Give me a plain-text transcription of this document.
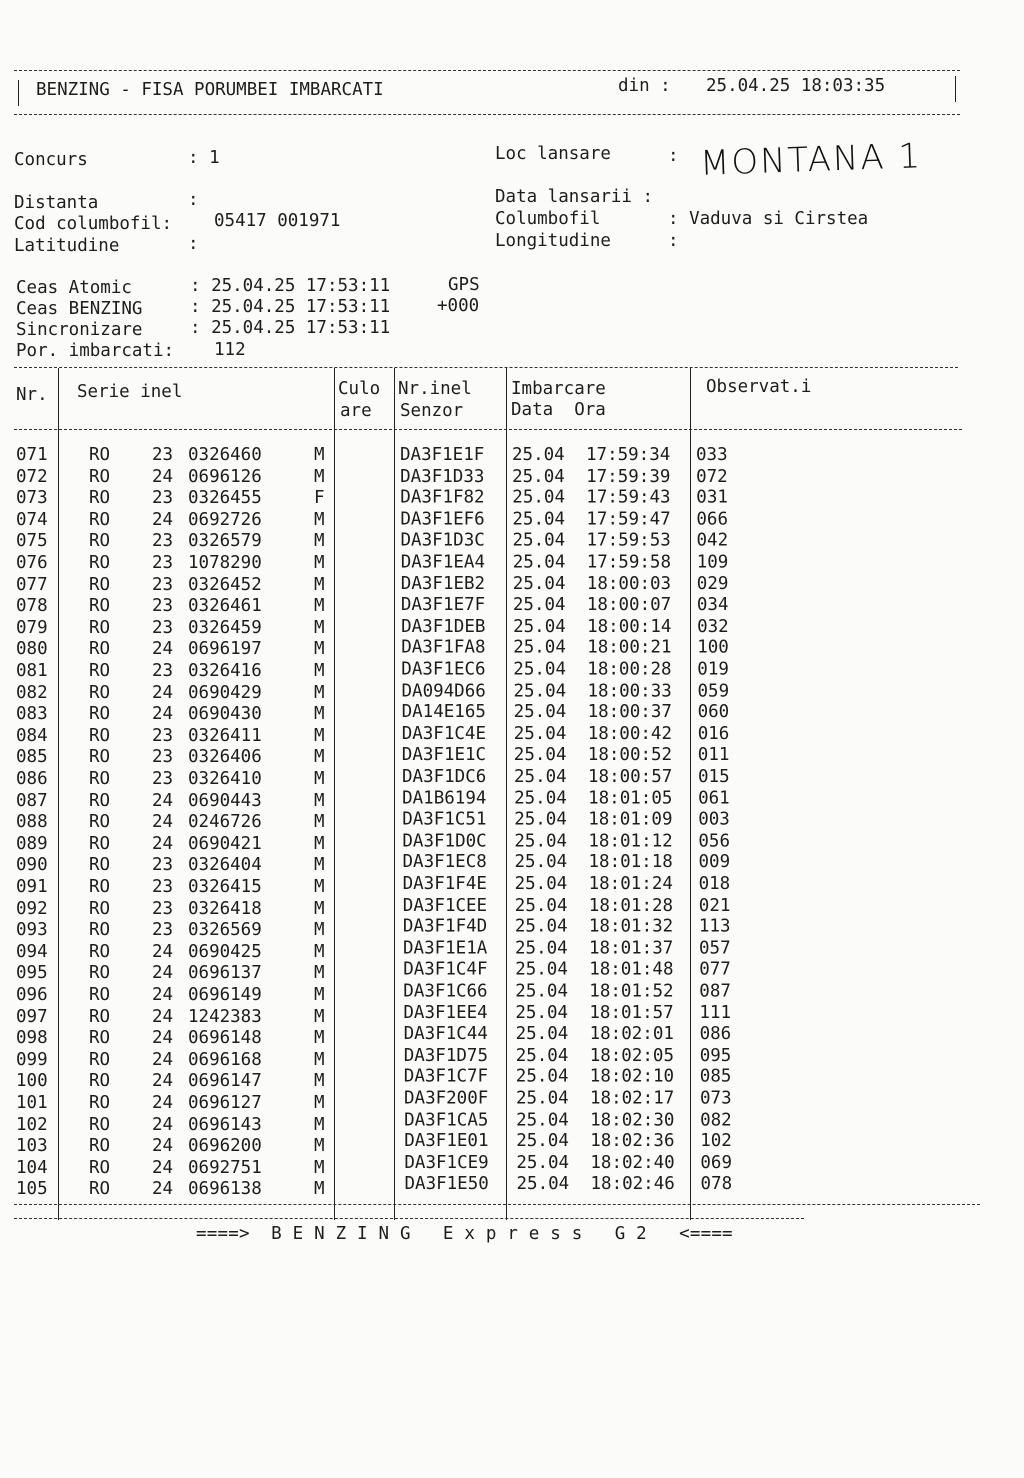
BENZING - FISA PORUMBEI IMBARCATI	din : 25.04.25 18:03:35
Concurs	: 1
Distanta	:
Cod columbofil: 05417 001971
Latitudine	:
Loc lansare	: MONTANA 1
Data lansarii :
Columbofil	: Vaduva si Cirstea
Longitudine	:
Ceas Atomic	: 25.04.25 17:53:11	GPS
Ceas BENZING	: 25.04.25 17:53:11	+000
Sincronizare	: 25.04.25 17:53:11
Por. imbarcati: 112
Nr. Serie inel	Culo
are
Nr.inel
Senzor
Imbarcare
Data  Ora
Observat.i
071 RO 23 0326460	M	DA3F1E1F 25.04 17:59:34 033
072 RO 24 0696126	M	DA3F1D33 25.04 17:59:39 072
073 RO 23 0326455	F	DA3F1F82 25.04 17:59:43 031
074 RO 24 0692726	M	DA3F1EF6 25.04 17:59:47 066
075 RO 23 0326579	M	DA3F1D3C 25.04 17:59:53 042
076 RO 23 1078290	M	DA3F1EA4 25.04 17:59:58 109
077 RO 23 0326452	M	DA3F1EB2 25.04 18:00:03 029
078 RO 23 0326461	M	DA3F1E7F 25.04 18:00:07 034
079 RO 23 0326459	M	DA3F1DEB 25.04 18:00:14 032
080 RO 24 0696197	M	DA3F1FA8 25.04 18:00:21 100
081 RO 23 0326416	M	DA3F1EC6 25.04 18:00:28 019
082 RO 24 0690429	M	DA094D66 25.04 18:00:33 059
083 RO 24 0690430	M	DA14E165 25.04 18:00:37 060
084 RO 23 0326411	M	DA3F1C4E 25.04 18:00:42 016
085 RO 23 0326406	M	DA3F1E1C 25.04 18:00:52 011
086 RO 23 0326410	M	DA3F1DC6 25.04 18:00:57 015
087 RO 24 0690443	M	DA1B6194 25.04 18:01:05 061
088 RO 24 0246726	M	DA3F1C51 25.04 18:01:09 003
089 RO 24 0690421	M	DA3F1D0C 25.04 18:01:12 056
090 RO 23 0326404	M	DA3F1EC8 25.04 18:01:18 009
091 RO 23 0326415	M	DA3F1F4E 25.04 18:01:24 018
092 RO 23 0326418	M	DA3F1CEE 25.04 18:01:28 021
093 RO 23 0326569	M	DA3F1F4D 25.04 18:01:32 113
094 RO 24 0690425	M	DA3F1E1A 25.04 18:01:37 057
095 RO 24 0696137	M	DA3F1C4F 25.04 18:01:48 077
096 RO 24 0696149	M	DA3F1C66 25.04 18:01:52 087
097 RO 24 1242383	M	DA3F1EE4 25.04 18:01:57 111
098 RO 24 0696148	M	DA3F1C44 25.04 18:02:01 086
099 RO 24 0696168	M	DA3F1D75 25.04 18:02:05 095
100 RO 24 0696147	M	DA3F1C7F 25.04 18:02:10 085
101 RO 24 0696127	M	DA3F200F 25.04 18:02:17 073
102 RO 24 0696143	M	DA3F1CA5 25.04 18:02:30 082
103 RO 24 0696200	M	DA3F1E01 25.04 18:02:36 102
104 RO 24 0692751	M	DA3F1CE9 25.04 18:02:40 069
105 RO 24 0696138	M	DA3F1E50 25.04 18:02:46 078
====>  B E N Z I N G   E x p r e s s   G 2   <====
